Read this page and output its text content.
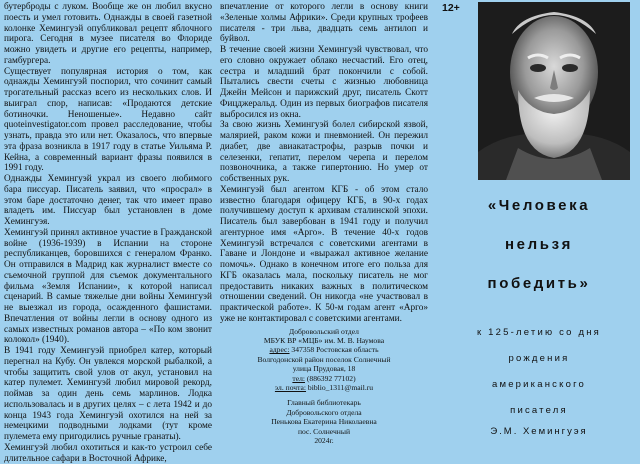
бутерброды с луком. Вообще же он любил вкусно поесть и умел готовить. Однажды в своей газетной колонке Хемингуэй опубликовал рецепт яблочного пирога. Сегодня в музее писателя во Флориде можно увидеть и другие его рецепты, например, гамбургера.

Существует популярная история о том, как однажды Хемингуэй поспорил, что сочинит самый трогательный рассказ всего из нескольких слов. И выиграл спор, написав: «Продаются детские ботиночки. Неношеные». Недавно сайт quoteinvestigator.com провел расследование, чтобы узнать, правда это или нет. Оказалось, что впервые эта фраза возникла в 1917 году в статье Уильяма Р. Кейна, а современный вариант фразы появился в 1991 году.

Однажды Хемингуэй украл из своего любимого бара писсуар. Писатель заявил, что «просрал» в этом баре достаточно денег, так что имеет право владеть им. Писсуар был установлен в доме Хемингуэя.

Хемингуэй принял активное участие в Гражданской войне (1936-1939) в Испании на стороне республиканцев, боровшихся с генералом Франко. Он отправился в Мадрид как журналист вместе со съемочной группой для съемок документального фильма «Земля Испании», к которой написал сценарий. В самые тяжелые дни войны Хемингуэй не выезжал из города, осажденного фашистами. Впечатления от войны легли в основу одного из самых известных романов автора – «По ком звонит колокол» (1940).

В 1941 году Хемингуэй приобрел катер, который перегнал на Кубу. Он увлекся морской рыбалкой, а чтобы защитить свой улов от акул, установил на катер пулемет. Хемингуэй любил мировой рекорд, поймав за один день семь марлинов. Лодка использовалась и в других целях – с лета 1942 и до конца 1943 года Хемингуэй охотился на ней за немецкими подводными лодками (тут кроме пулемета ему пригодились ручные гранаты).

Хемингуэй любил охотиться и как-то устроил себе длительное сафари в Восточной Африке,

впечатление от которого легли в основу книги «Зеленые холмы Африки». Среди крупных трофеев писателя - три льва, двадцать семь антилоп и буйвол.

В течение своей жизни Хемингуэй чувствовал, что его словно окружает облако несчастий. Его отец, сестра и младший брат покончили с собой. Пытались свести счеты с жизнью любовница Джейн Мейсон и парижский друг, писатель Скотт Фицджеральд. Один из первых биографов писателя выбросился из окна.

За свою жизнь Хемингуэй болел сибирской язвой, малярией, раком кожи и пневмонией. Он пережил диабет, две авиакатастрофы, разрыв почки и селезенки, гепатит, перелом черепа и перелом позвоночника, а также гипертонию. Но умер от собственных рук.

Хемингуэй был агентом КГБ - об этом стало известно благодаря офицеру КГБ, в 90-х годах получившему доступ к архивам сталинской эпохи. Писатель был завербован в 1941 году и получил агентурное имя «Арго». В течение 40-х годов Хемингуэй встречался с советскими агентами в Гаване и Лондоне и «выражал активное желание помочь». Однако в конечном итоге его польза для КГБ оказалась мала, поскольку писатель не мог предоставить никаких важных в политическом отношении сведений. Он никогда «не участвовал в практической работе». К 50-м годам агент «Арго» уже не контактировал с советскими агентами.

Добровольский отдел
МБУК ВР «МЦБ» им. М. В. Наумова
адрес: 347358 Ростовская область
Волгодонской район поселок Солнечный
улица Прудовая, 18
тел: (886392 77102)
эл. почта: biblio_1311@mail.ru
Главный библиотекарь
Добровольского отдела
Пенькова Екатерина Николаевна
пос. Солнечный
2024г.
12+
«Человека
нельзя
победить»
к 125-летию со дня
рождения
американского
писателя
Э.М. Хемингуэя
